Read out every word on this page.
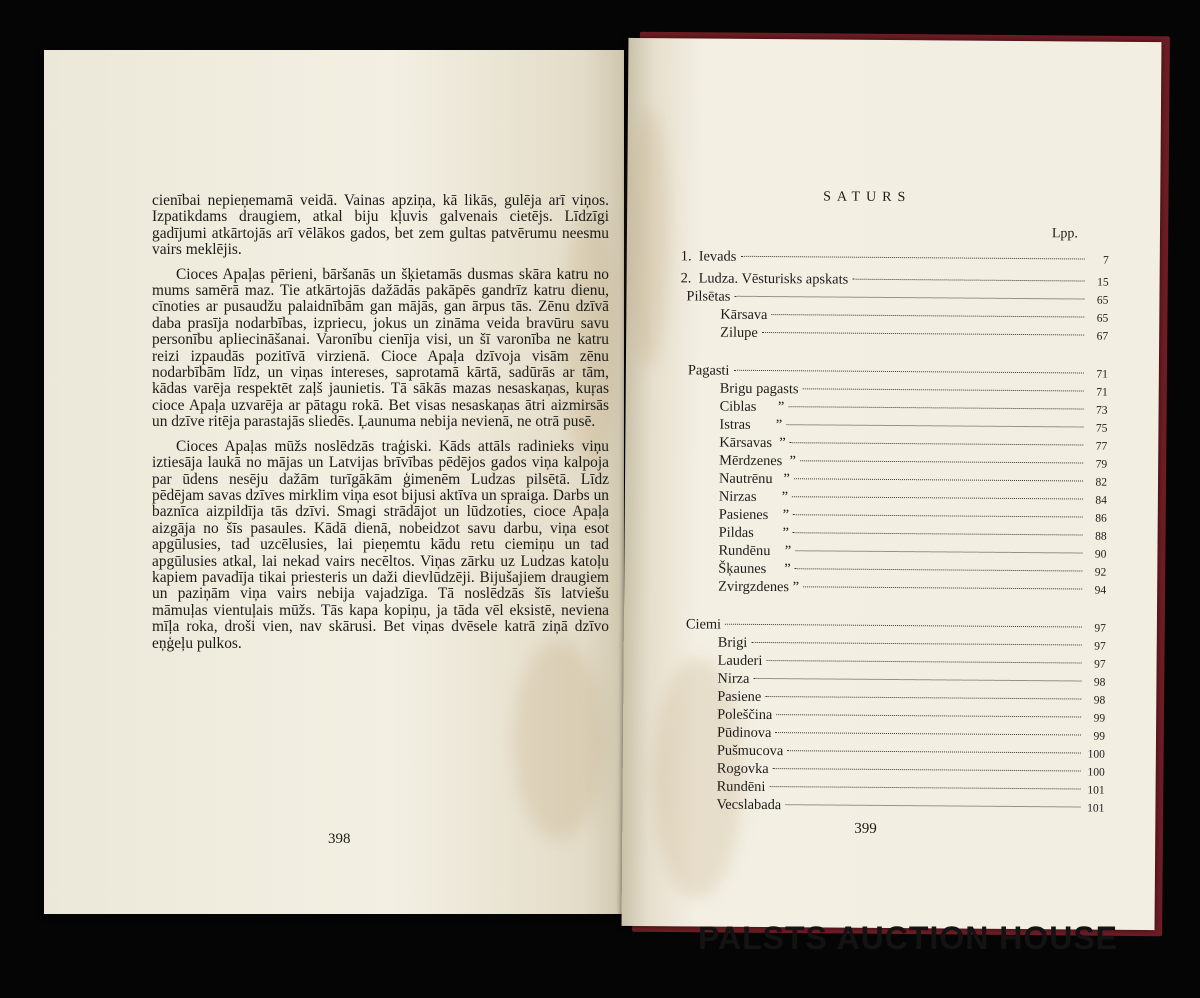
cienībai nepieņemamā veidā. Vainas apziņa, kā likās, gulēja arī viņos. Izpatikdams draugiem, atkal biju kļuvis galvenais cietējs. Līdzīgi gadījumi atkārtojās arī vēlākos gados, bet zem gultas patvērumu neesmu vairs meklējis.

Cioces Apaļas pērieni, bāršanās un šķietamās dusmas skāra katru no mums samērā maz. Tie atkārtojās dažādās pakāpēs gandrīz katru dienu, cīnoties ar pusaudžu palaidnībām gan mājās, gan ārpus tās. Zēnu dzīvā daba prasīja nodarbības, izpriecu, jokus un zināma veida bravūru savu personību apliecināšanai. Varonību cienīja visi, un šī varonība ne katru reizi izpaudās pozitīvā virzienā. Cioce Apaļa dzīvoja visām zēnu nodarbībām līdz, un viņas intereses, saprotamā kārtā, sadūrās ar tām, kādas varēja respektēt zaļš jaunietis. Tā sākās mazas nesaskaņas, kuŗas cioce Apaļa uzvarēja ar pātagu rokā. Bet visas nesaskaņas ātri aizmirsās un dzīve ritēja parastajās sliedēs. Ļaunuma nebija nevienā, ne otrā pusē.

Cioces Apaļas mūžs noslēdzās traģiski. Kāds attāls radinieks viņu iztiesāja laukā no mājas un Latvijas brīvības pēdējos gados viņa kalpoja par ūdens nesēju dažām turīgākām ģimenēm Ludzas pilsētā. Līdz pēdējam savas dzīves mirklim viņa esot bijusi aktīva un spraiga. Darbs un baznīca aizpildīja tās dzīvi. Smagi strādājot un lūdzoties, cioce Apaļa aizgāja no šīs pasaules. Kādā dienā, nobeidzot savu darbu, viņa esot apgūlusies, tad uzcēlusies, lai pieņemtu kādu retu ciemiņu un tad apgūlusies atkal, lai nekad vairs necēltos. Viņas zārku uz Ludzas katoļu kapiem pavadīja tikai priesteris un daži dievlūdzēji. Bijušajiem draugiem un paziņām viņa vairs nebija vajadzīga. Tā noslēdzās šīs latviešu māmuļas vientuļais mūžs. Tās kapa kopiņu, ja tāda vēl eksistē, neviena mīļa roka, droši vien, nav skārusi. Bet viņas dvēsele katrā ziņā dzīvo eņģeļu pulkos.

398
SATURS
Lpp.
1.  Ievads	7
2.  Ludza. Vēsturisks apskats	15
Pilsētas	65
Kārsava	65
Zilupe	67
Pagasti	71
Brigu pagasts	71
Ciblas      ”	73
Istras       ”	75
Kārsavas  ”	77
Mērdzenes  ”	79
Nautrēnu   ”	82
Nirzas       ”	84
Pasienes    ”	86
Pildas        ”	88
Rundēnu    ”	90
Šķaunes     ”	92
Zvirgzdenes ”	94
Ciemi	97
Brigi	97
Lauderi	97
Nirza	98
Pasiene	98
Poleščina	99
Pūdinova	99
Pušmucova	100
Rogovka	100
Rundēni	101
Vecslabada	101
399
PALSTS AUCTION HOUSE
